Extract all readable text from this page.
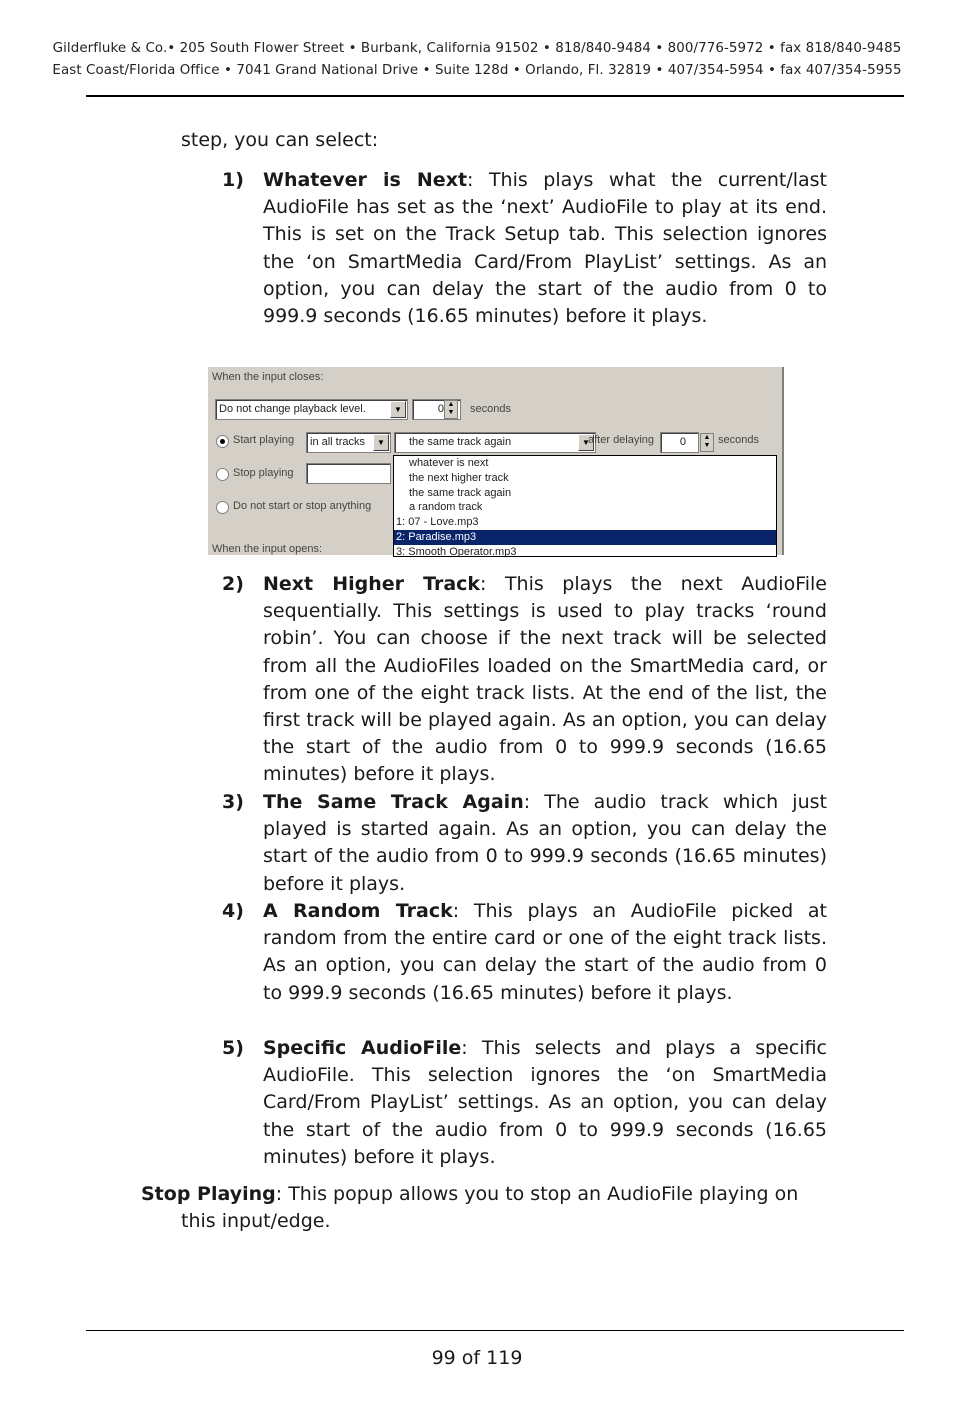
Gilderfluke & Co.• 205 South Flower Street • Burbank, California 91502 • 818/840-9484 • 800/776-5972 • fax 818/840-9485
East Coast/Florida Office • 7041 Grand National Drive • Suite 128d • Orlando, Fl. 32819 • 407/354-5954 • fax 407/354-5955
step, you can select:
1) Whatever is Next: This plays what the current/last AudioFile has set as the ‘next’ AudioFile to play at its end. This is set on the Track Setup tab. This selection ignores the ‘on SmartMedia Card/From PlayList’ settings. As an option, you can delay the start of the audio from 0 to 999.9 seconds (16.65 minutes) before it plays.
When the input closes:
Do not change playback level.	▼	0 ▲
▼	seconds
Start playing	in all tracks	▼	the same track again	▼
after delaying	0	▲
▼ seconds
Stop playing
Do not start or stop anything
When the input opens:
whatever is next
the next higher track
the same track again
a random track
1: 07 - Love.mp3
2: Paradise.mp3
3: Smooth Operator.mp3
2) Next Higher Track: This plays the next AudioFile sequentially. This settings is used to play tracks ‘round robin’. You can choose if the next track will be selected from all the AudioFiles loaded on the SmartMedia card, or from one of the eight track lists. At the end of the list, the first track will be played again. As an option, you can delay the start of the audio from 0 to 999.9 seconds (16.65 minutes) before it plays.
3) The Same Track Again: The audio track which just played is started again. As an option, you can delay the start of the audio from 0 to 999.9 seconds (16.65 minutes) before it plays.
4) A Random Track: This plays an AudioFile picked at random from the entire card or one of the eight track lists. As an option, you can delay the start of the audio from 0 to 999.9 seconds (16.65 minutes) before it plays.
5) Specific AudioFile: This selects and plays a specific AudioFile. This selection ignores the ‘on SmartMedia Card/From PlayList’ settings. As an option, you can delay the start of the audio from 0 to 999.9 seconds (16.65 minutes) before it plays.
Stop Playing: This popup allows you to stop an AudioFile playing on
this input/edge.
99 of 119
